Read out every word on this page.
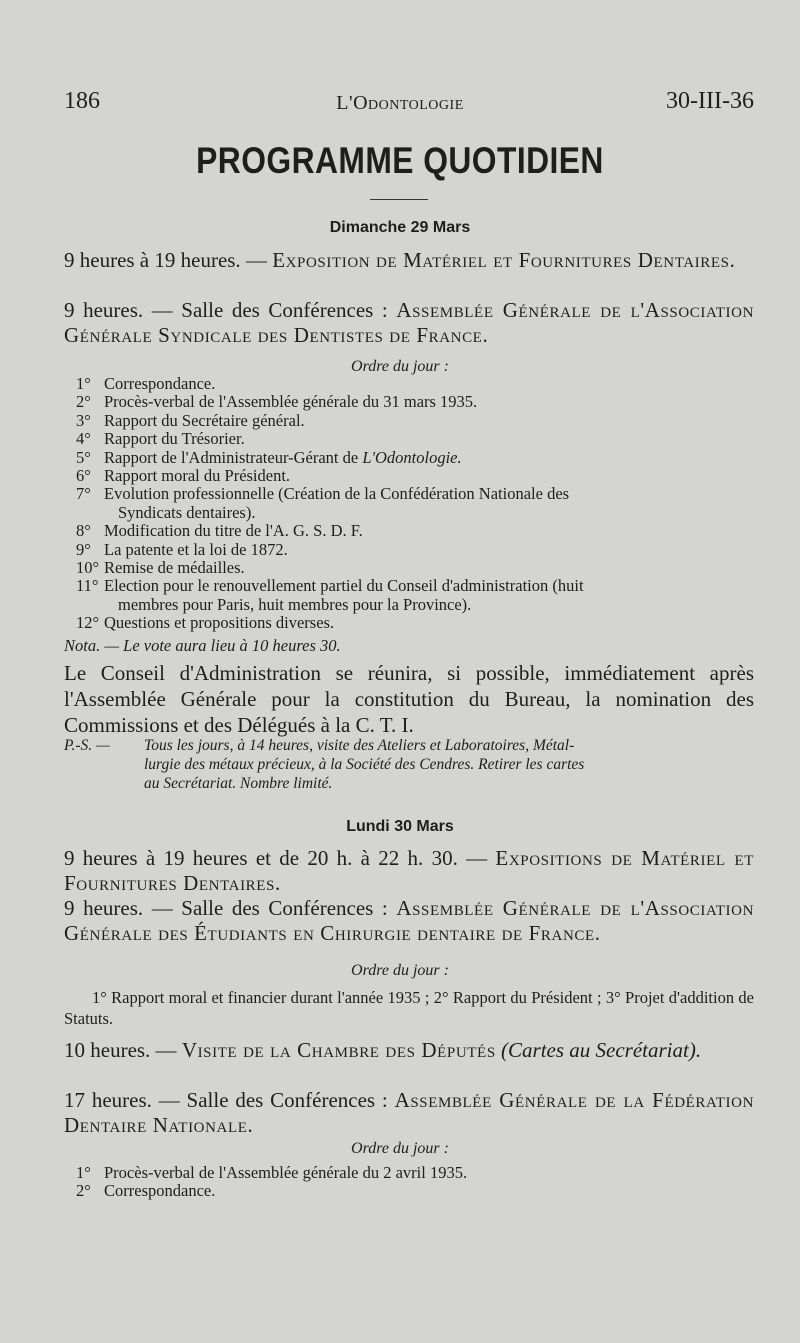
186	L'Odontologie	30-III-36
PROGRAMME QUOTIDIEN
Dimanche 29 Mars
9 heures à 19 heures. — Exposition de Matériel et Fournitures Dentaires.
9 heures. — Salle des Conférences : Assemblée Générale de l'Association Générale Syndicale des Dentistes de France.
Ordre du jour :
1° Correspondance.
2° Procès-verbal de l'Assemblée générale du 31 mars 1935.
3° Rapport du Secrétaire général.
4° Rapport du Trésorier.
5° Rapport de l'Administrateur-Gérant de L'Odontologie.
6° Rapport moral du Président.
7° Evolution professionnelle (Création de la Confédération Nationale des
Syndicats dentaires).
8° Modification du titre de l'A. G. S. D. F.
9° La patente et la loi de 1872.
10° Remise de médailles.
11° Election pour le renouvellement partiel du Conseil d'administration (huit
membres pour Paris, huit membres pour la Province).
12° Questions et propositions diverses.
Nota. — Le vote aura lieu à 10 heures 30.
Le Conseil d'Administration se réunira, si possible, immédiatement après l'Assemblée Générale pour la constitution du Bureau, la nomination des Commissions et des Délégués à la C. T. I.
P.-S. — Tous les jours, à 14 heures, visite des Ateliers et Laboratoires, Métal-
lurgie des métaux précieux, à la Société des Cendres. Retirer les cartes
au Secrétariat. Nombre limité.
Lundi 30 Mars
9 heures à 19 heures et de 20 h. à 22 h. 30. — Expositions de Matériel et Fournitures Dentaires.
9 heures. — Salle des Conférences : Assemblée Générale de l'Association Générale des Étudiants en Chirurgie dentaire de France.
Ordre du jour :
1° Rapport moral et financier durant l'année 1935 ; 2° Rapport du Président ; 3° Projet d'addition de Statuts.
10 heures. — Visite de la Chambre des Députés (Cartes au Secrétariat).
17 heures. — Salle des Conférences : Assemblée Générale de la Fédération Dentaire Nationale.
Ordre du jour :
1° Procès-verbal de l'Assemblée générale du 2 avril 1935.
2° Correspondance.
